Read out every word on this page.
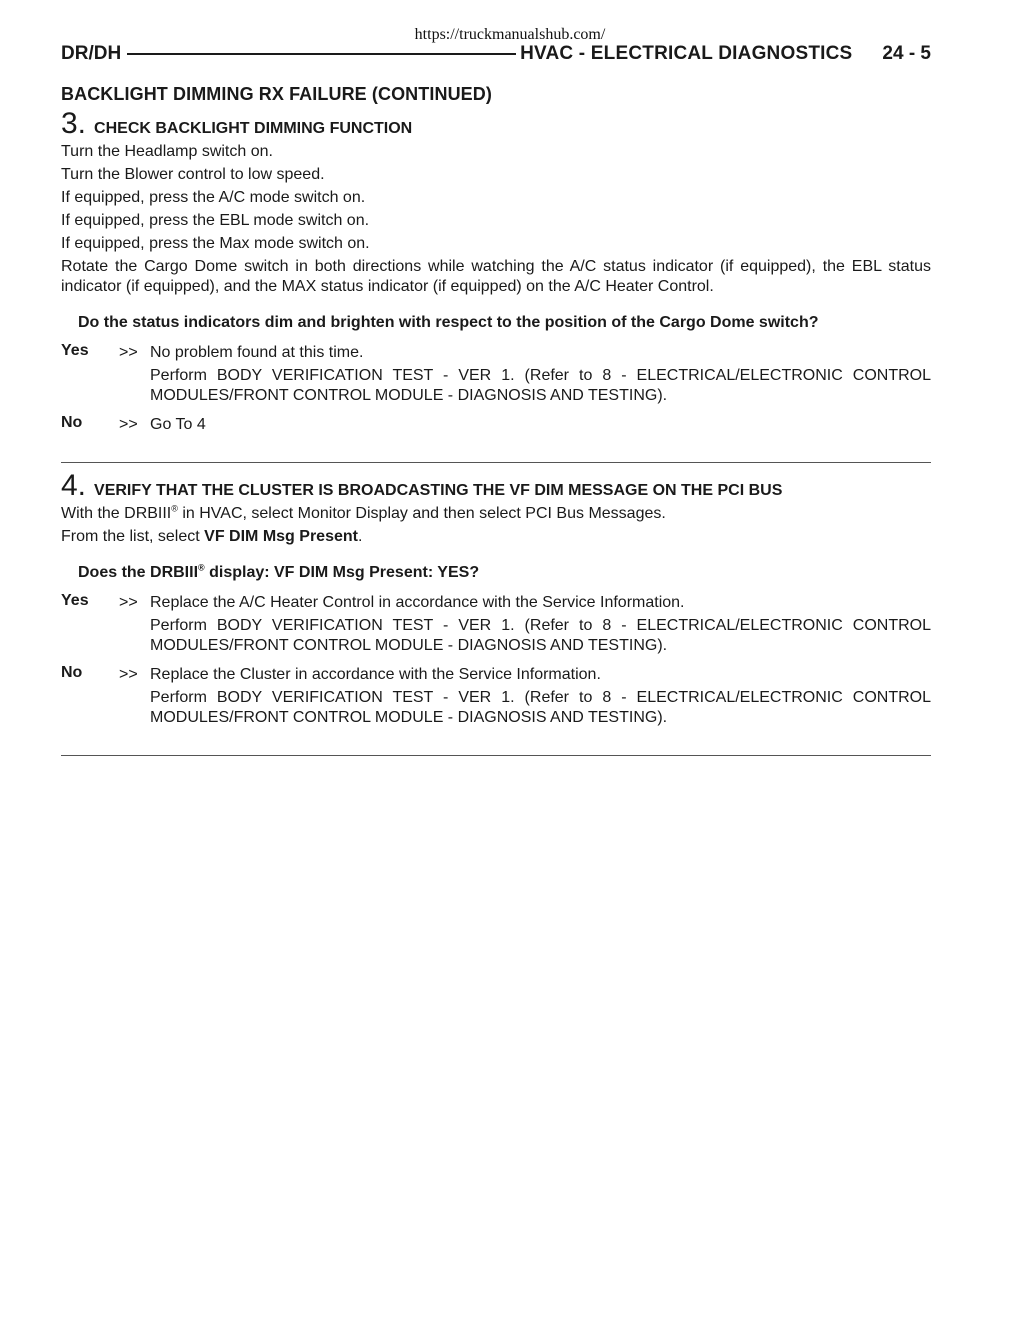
https://truckmanualshub.com/
DR/DH	HVAC - ELECTRICAL DIAGNOSTICS 24 - 5
BACKLIGHT DIMMING RX FAILURE (CONTINUED)
3. CHECK BACKLIGHT DIMMING FUNCTION
Turn the Headlamp switch on.
Turn the Blower control to low speed.
If equipped, press the A/C mode switch on.
If equipped, press the EBL mode switch on.
If equipped, press the Max mode switch on.
Rotate the Cargo Dome switch in both directions while watching the A/C status indicator (if equipped), the EBL status indicator (if equipped), and the MAX status indicator (if equipped) on the A/C Heater Control.
Do the status indicators dim and brighten with respect to the position of the Cargo Dome switch?
Yes	>> No problem found at this time.
Perform BODY VERIFICATION TEST - VER 1. (Refer to 8 - ELECTRICAL/ELECTRONIC CONTROL MODULES/FRONT CONTROL MODULE - DIAGNOSIS AND TESTING).
No	>> Go To 4
4. VERIFY THAT THE CLUSTER IS BROADCASTING THE VF DIM MESSAGE ON THE PCI BUS
With the DRBIII® in HVAC, select Monitor Display and then select PCI Bus Messages.
From the list, select VF DIM Msg Present.
Does the DRBIII® display: VF DIM Msg Present: YES?
Yes	>> Replace the A/C Heater Control in accordance with the Service Information.
Perform BODY VERIFICATION TEST - VER 1. (Refer to 8 - ELECTRICAL/ELECTRONIC CONTROL MODULES/FRONT CONTROL MODULE - DIAGNOSIS AND TESTING).
No	>> Replace the Cluster in accordance with the Service Information.
Perform BODY VERIFICATION TEST - VER 1. (Refer to 8 - ELECTRICAL/ELECTRONIC CONTROL MODULES/FRONT CONTROL MODULE - DIAGNOSIS AND TESTING).
